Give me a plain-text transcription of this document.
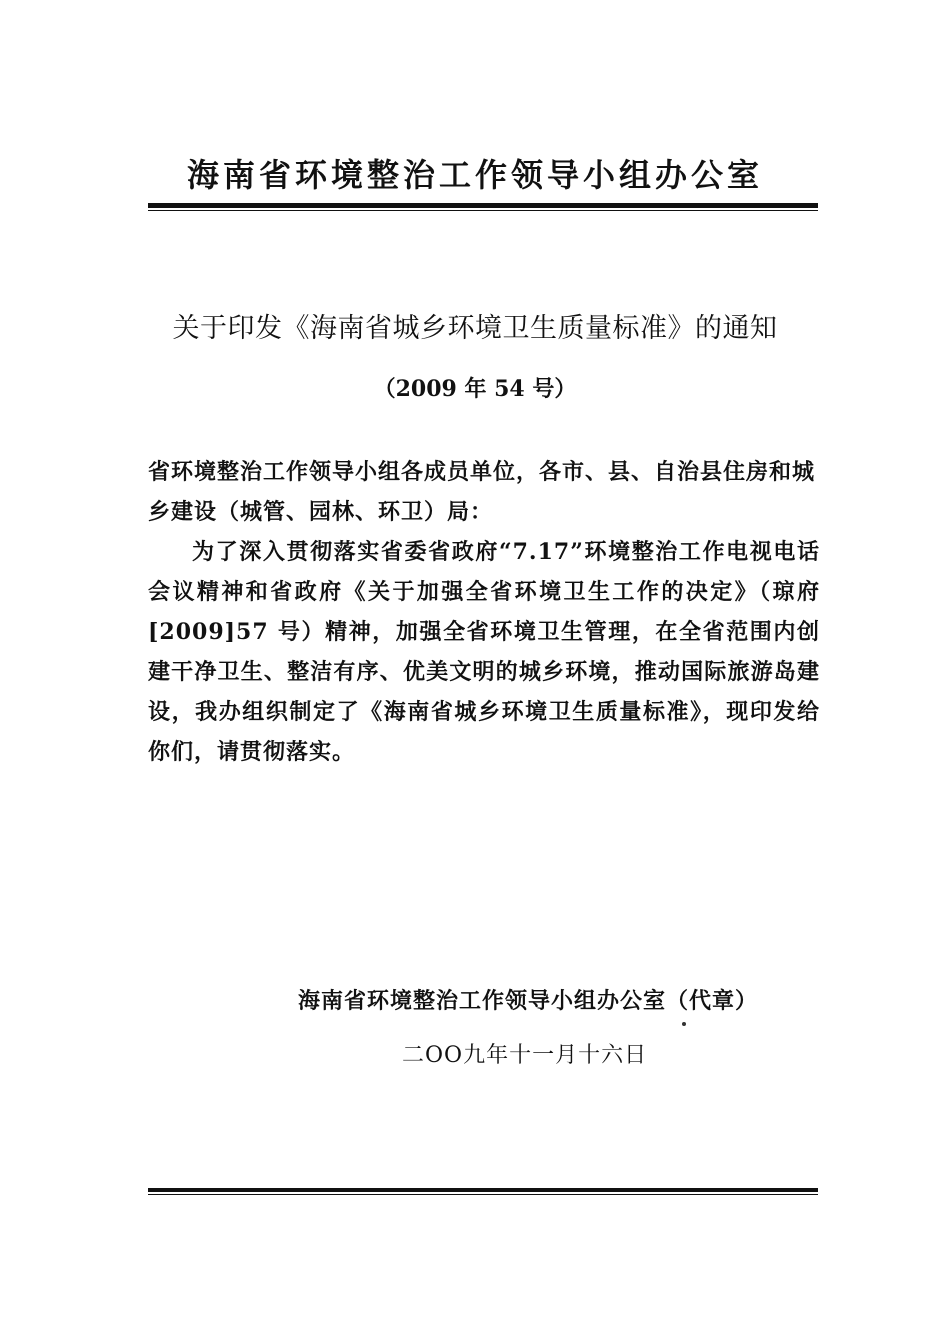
海南省环境整治工作领导小组办公室
关于印发《海南省城乡环境卫生质量标准》的通知
（2009 年 54 号）
省环境整治工作领导小组各成员单位，各市、县、自治县住房和城乡建设（城管、园林、环卫）局：
为了深入贯彻落实省委省政府“7.17”环境整治工作电视电话会议精神和省政府《关于加强全省环境卫生工作的决定》（琼府[2009]57 号）精神，加强全省环境卫生管理，在全省范围内创建干净卫生、整洁有序、优美文明的城乡环境，推动国际旅游岛建设，我办组织制定了《海南省城乡环境卫生质量标准》，现印发给你们，请贯彻落实。
海南省环境整治工作领导小组办公室（代章）
二OO九年十一月十六日
